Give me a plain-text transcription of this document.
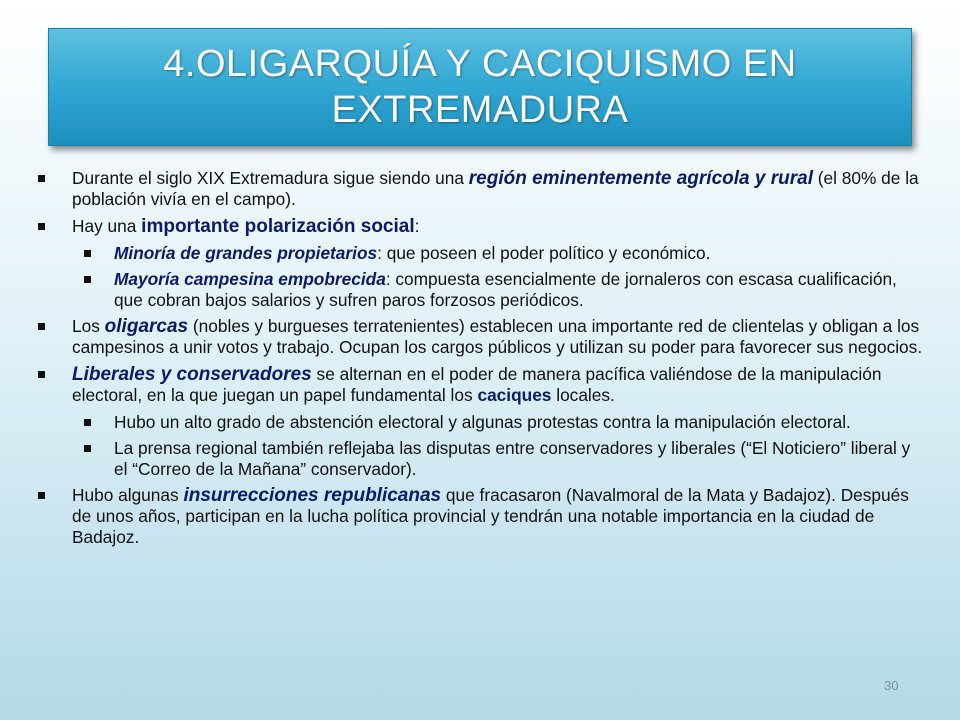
4.OLIGARQUÍA Y CACIQUISMO EN EXTREMADURA
Durante el siglo XIX Extremadura sigue siendo una región eminentemente agrícola y rural (el 80% de la población vivía en el campo).
Hay una importante polarización social:
Minoría de grandes propietarios: que poseen el poder político y económico.
Mayoría campesina empobrecida: compuesta esencialmente de jornaleros con escasa cualificación, que cobran bajos salarios y sufren paros forzosos periódicos.
Los oligarcas (nobles y burgueses terratenientes) establecen una importante red de clientelas y obligan a los campesinos a unir votos y trabajo. Ocupan los cargos públicos y utilizan su poder para favorecer sus negocios.
Liberales y conservadores se alternan en el poder de manera pacífica valiéndose de la manipulación electoral, en la que juegan un papel fundamental los caciques locales.
Hubo un alto grado de abstención electoral y algunas protestas contra la manipulación electoral.
La prensa regional también reflejaba las disputas entre conservadores y liberales (“El Noticiero” liberal y el “Correo de la Mañana” conservador).
Hubo algunas insurrecciones republicanas que fracasaron (Navalmoral de la Mata y Badajoz). Después de unos años, participan en la lucha política provincial y tendrán una notable importancia en la ciudad de Badajoz.
30
